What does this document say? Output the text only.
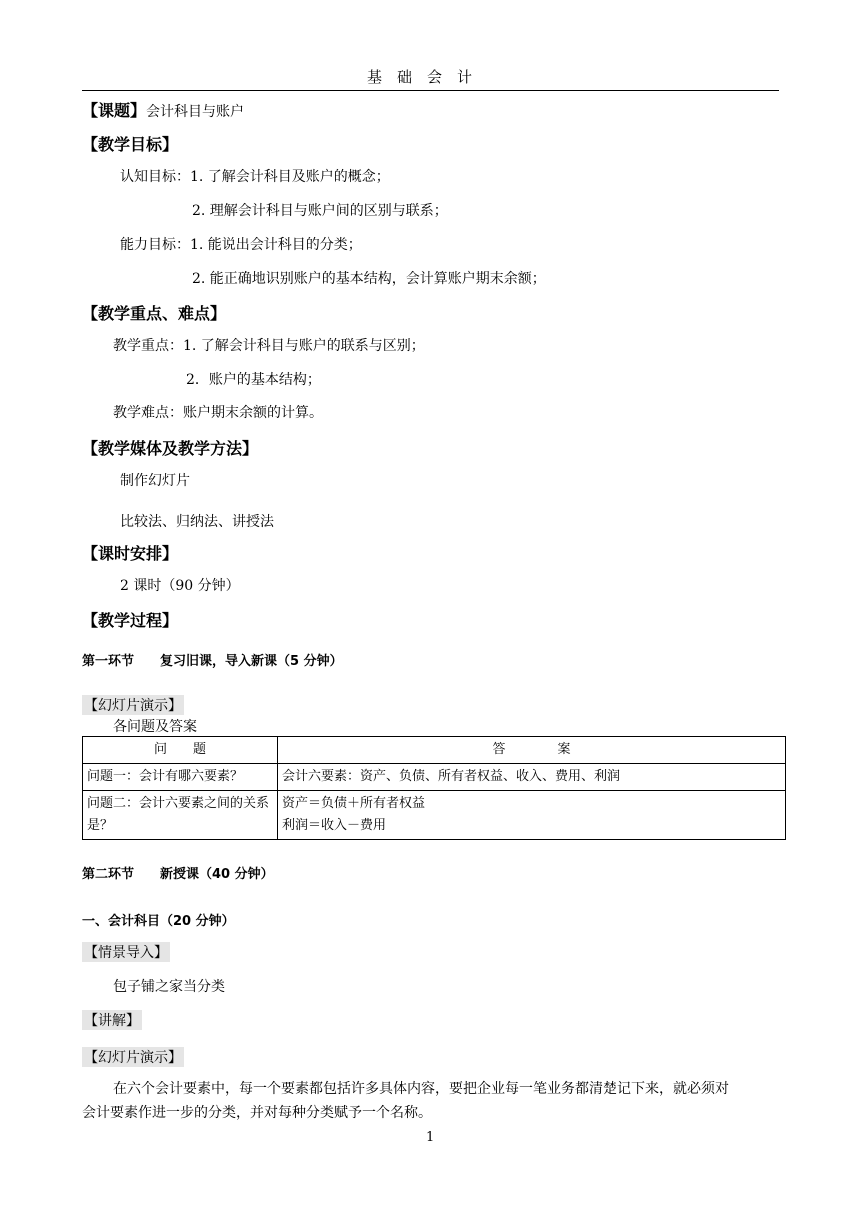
基　础　会　计
【课题】会计科目与账户
【教学目标】
认知目标：1. 了解会计科目及账户的概念；
2. 理解会计科目与账户间的区别与联系；
能力目标：1. 能说出会计科目的分类；
2. 能正确地识别账户的基本结构，会计算账户期末余额；
【教学重点、难点】
教学重点：1. 了解会计科目与账户的联系与区别；
2．账户的基本结构；
教学难点：账户期末余额的计算。
【教学媒体及教学方法】
制作幻灯片
比较法、归纳法、讲授法
【课时安排】
2 课时（90 分钟）
【教学过程】
第一环节　　复习旧课，导入新课（5 分钟）
【幻灯片演示】
各问题及答案
问　　题	答　　　　案
问题一：会计有哪六要素？	会计六要素：资产、负债、所有者权益、收入、费用、利润

问题二：会计六要素之间的关系是？	资产＝负债＋所有者权益
利润＝收入－费用
第二环节　　新授课（40 分钟）
一、会计科目（20 分钟）
【情景导入】
包子铺之家当分类
【讲解】
【幻灯片演示】
在六个会计要素中，每一个要素都包括许多具体内容，要把企业每一笔业务都清楚记下来，就必须对
会计要素作进一步的分类，并对每种分类赋予一个名称。
1
